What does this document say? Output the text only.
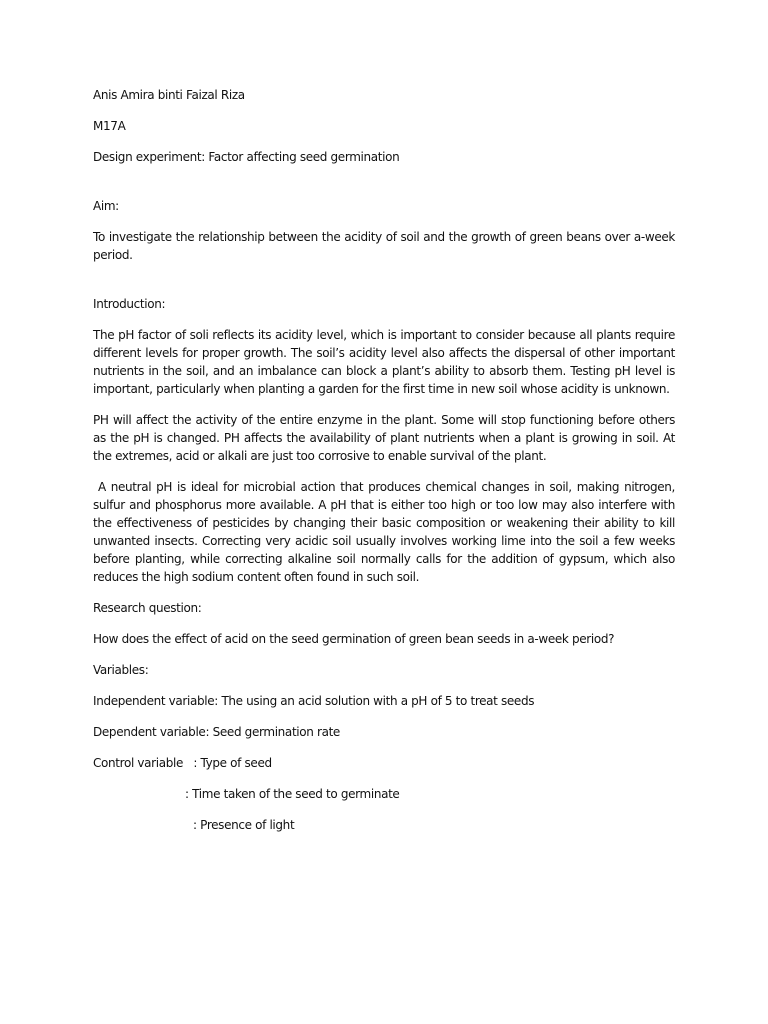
Anis Amira binti Faizal Riza
M17A
Design experiment: Factor affecting seed germination
Aim:
To investigate the relationship between the acidity of soil and the growth of green beans over a-week period.
Introduction:
The pH factor of soli reflects its acidity level, which is important to consider because all plants require different levels for proper growth. The soil’s acidity level also affects the dispersal of other important nutrients in the soil, and an imbalance can block a plant’s ability to absorb them. Testing pH level is important, particularly when planting a garden for the first time in new soil whose acidity is unknown.
PH will affect the activity of the entire enzyme in the plant. Some will stop functioning before others as the pH is changed. PH affects the availability of plant nutrients when a plant is growing in soil. At the extremes, acid or alkali are just too corrosive to enable survival of the plant.
A neutral pH is ideal for microbial action that produces chemical changes in soil, making nitrogen, sulfur and phosphorus more available. A pH that is either too high or too low may also interfere with the effectiveness of pesticides by changing their basic composition or weakening their ability to kill unwanted insects. Correcting very acidic soil usually involves working lime into the soil a few weeks before planting, while correcting alkaline soil normally calls for the addition of gypsum, which also reduces the high sodium content often found in such soil.
Research question:
How does the effect of acid on the seed germination of green bean seeds in a-week period?
Variables:
Independent variable: The using an acid solution with a pH of 5 to treat seeds
Dependent variable: Seed germination rate
Control variable   : Type of seed
: Time taken of the seed to germinate
: Presence of light
